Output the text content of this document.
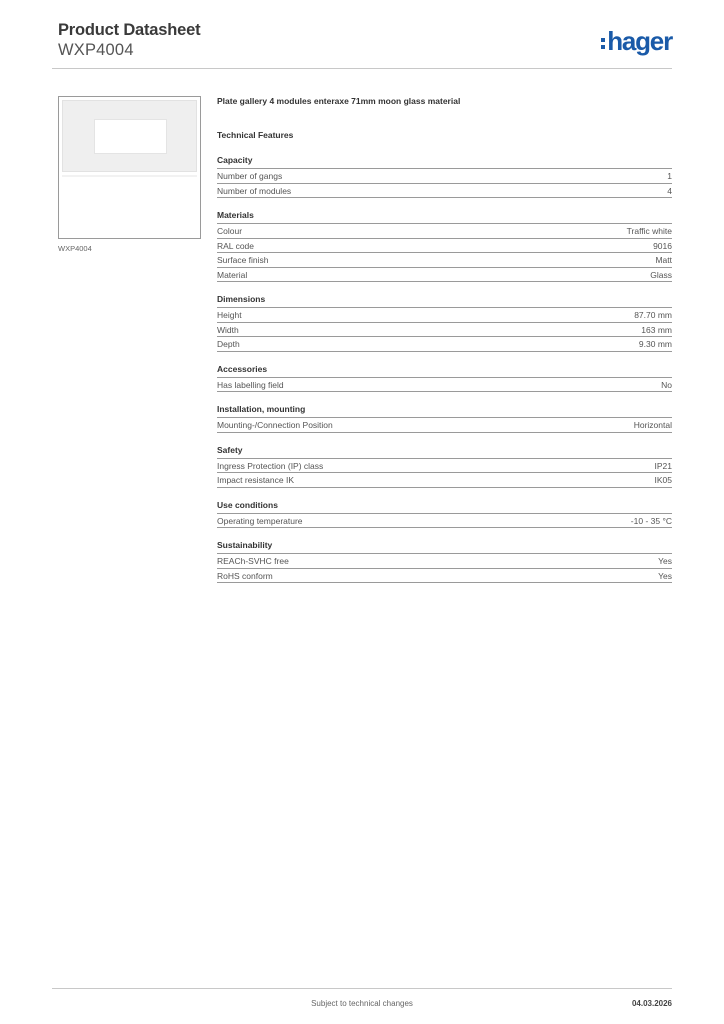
Product Datasheet
WXP4004	hager
WXP4004
Plate gallery 4 modules enteraxe 71mm moon glass material
Technical Features
Capacity
Number of gangs	1
Number of modules	4
Materials
Colour	Traffic white
RAL code	9016
Surface finish	Matt
Material	Glass
Dimensions
Height	87.70 mm
Width	163 mm
Depth	9.30 mm
Accessories
Has labelling field	No
Installation, mounting
Mounting-/Connection Position	Horizontal
Safety
Ingress Protection (IP) class	IP21
Impact resistance IK	IK05
Use conditions
Operating temperature	-10 - 35 °C
Sustainability
REACh-SVHC free	Yes
RoHS conform	Yes
Subject to technical changes	04.03.2026
